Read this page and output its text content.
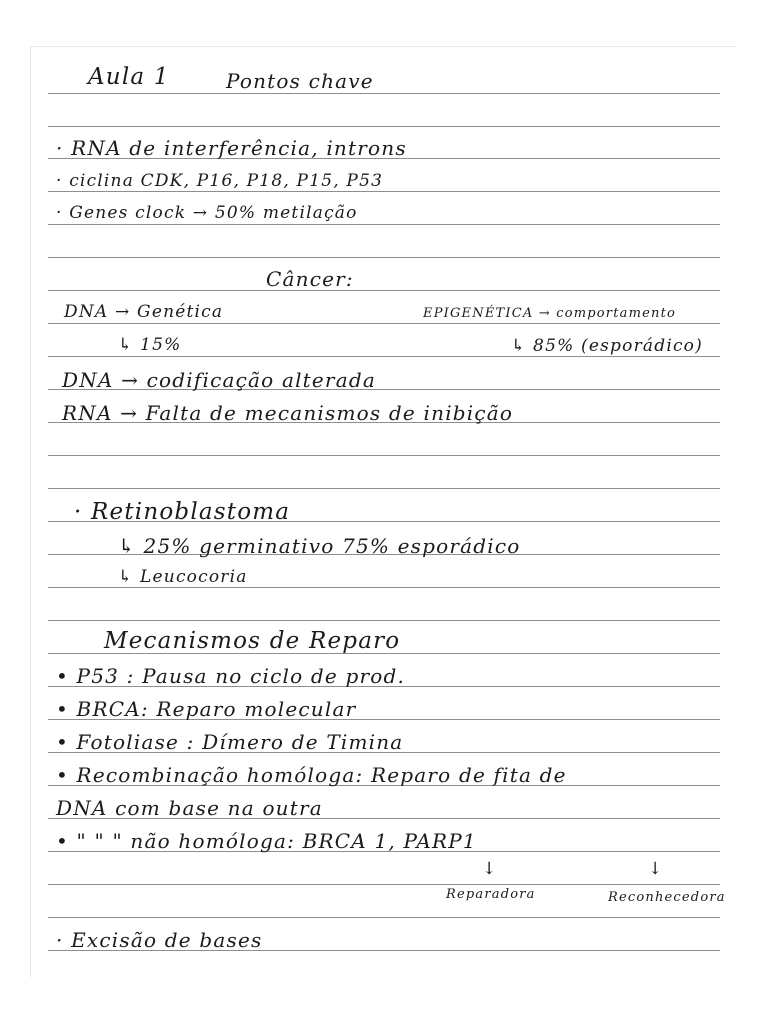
Aula 1	Pontos chave
· RNA de interferência, introns
· ciclina CDK, P16, P18, P15, P53
· Genes clock → 50% metilação
Câncer:
DNA → Genética	EPIGENÉTICA → comportamento
↳ 15%	↳ 85% (esporádico)
DNA → codificação alterada
RNA → Falta de mecanismos de inibição
· Retinoblastoma
↳ 25% germinativo 75% esporádico
↳ Leucocoria
Mecanismos de Reparo
• P53 : Pausa no ciclo de prod.
• BRCA: Reparo molecular
• Fotoliase : Dímero de Timina
• Recombinação homóloga: Reparo de fita de
DNA com base na outra
• " " " não homóloga: BRCA 1, PARP1
↓	↓
Reparadora	Reconhecedora
· Excisão de bases
